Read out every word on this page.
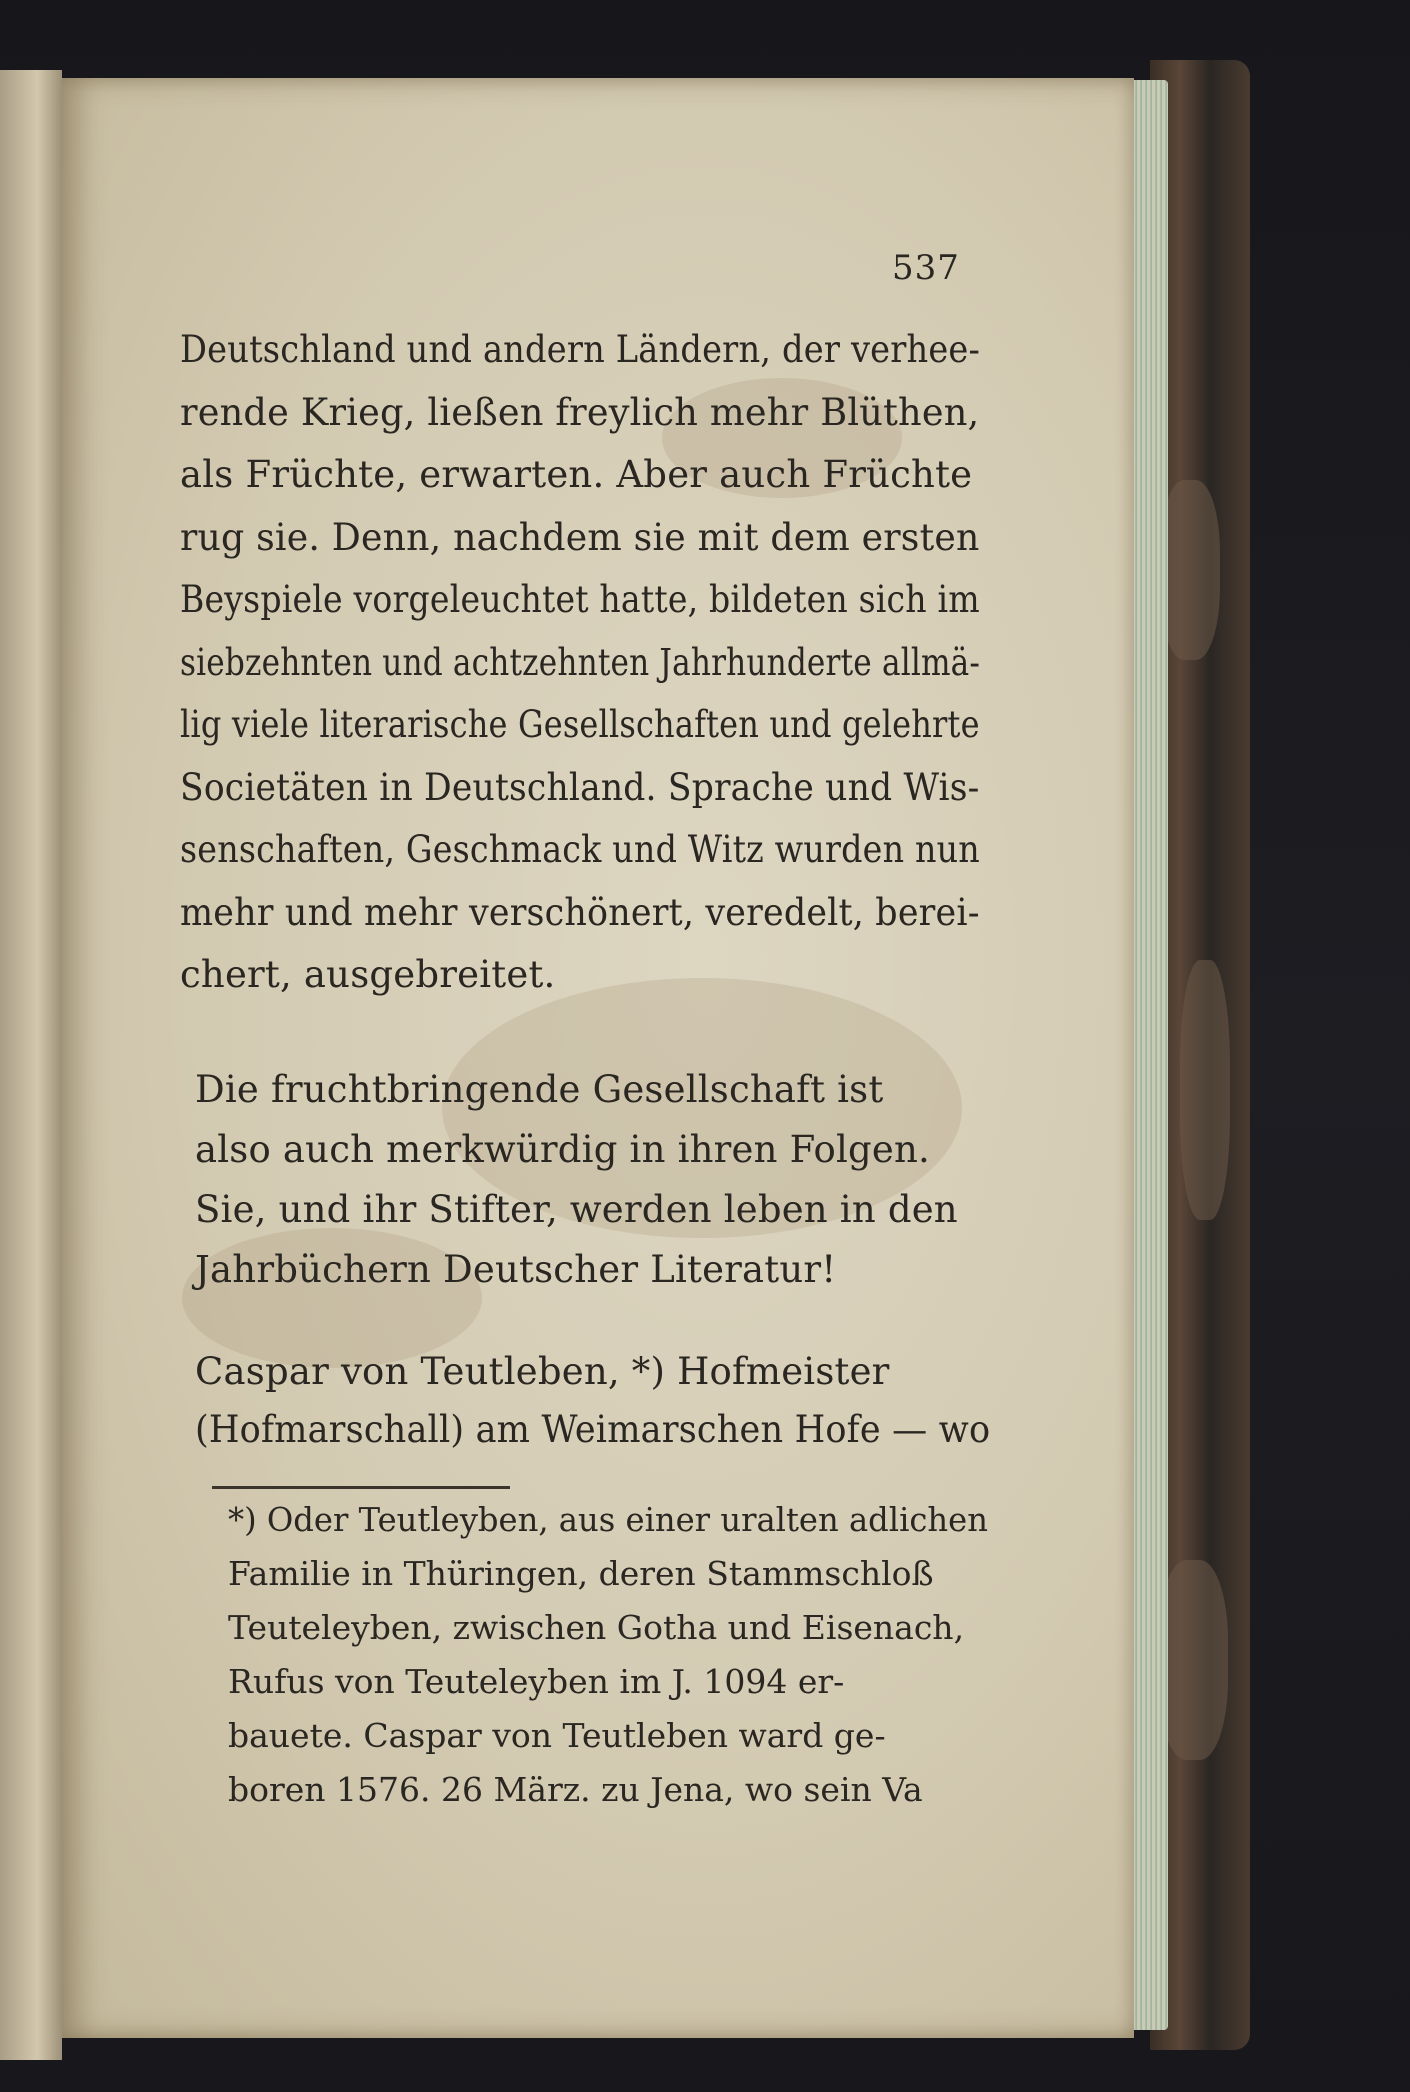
537
Deutschland und andern Ländern, der verhee-
rende Krieg, ließen freylich mehr Blüthen,
als Früchte, erwarten. Aber auch Früchte
rug sie. Denn, nachdem sie mit dem ersten
Beyspiele vorgeleuchtet hatte, bildeten sich im
siebzehnten und achtzehnten Jahrhunderte allmä-
lig viele literarische Gesellschaften und gelehrte
Societäten in Deutschland. Sprache und Wis-
senschaften, Geschmack und Witz wurden nun
mehr und mehr verschönert, veredelt, berei-
chert, ausgebreitet.
Die fruchtbringende Gesellschaft ist
also auch merkwürdig in ihren Folgen.
Sie, und ihr Stifter, werden leben in den
Jahrbüchern Deutscher Literatur!
Caspar von Teutleben, *) Hofmeister
(Hofmarschall) am Weimarschen Hofe — wo
*) Oder Teutleyben, aus einer uralten adlichen
Familie in Thüringen, deren Stammschloß
Teuteleyben, zwischen Gotha und Eisenach,
Rufus von Teuteleyben im J. 1094 er-
bauete. Caspar von Teutleben ward ge-
boren 1576. 26 März. zu Jena, wo sein Va
